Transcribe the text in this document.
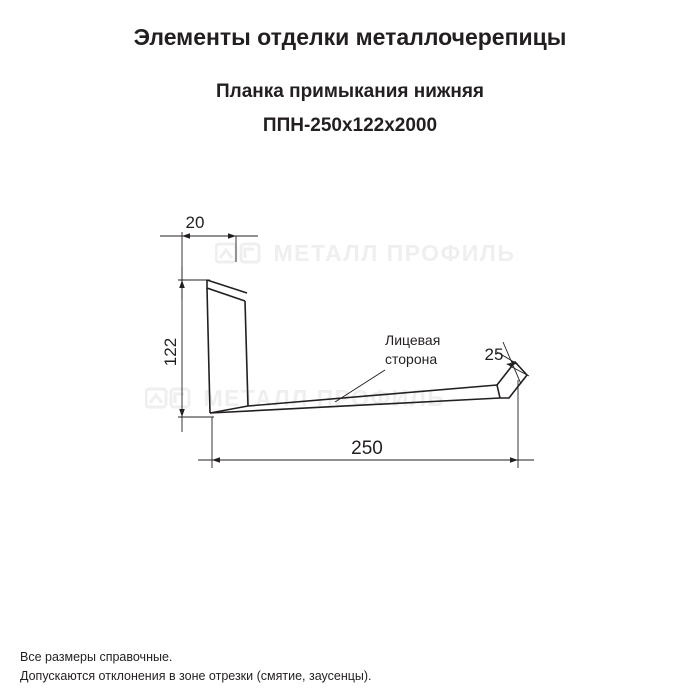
Элементы отделки металлочерепицы
Планка примыкания нижняя
ППН-250x122x2000
МЕТАЛЛ ПРОФИЛЬ
МЕТАЛЛ ПРОФИЛЬ
20
122	25
250
Лицевая
сторона
Все размеры справочные.
Допускаются отклонения в зоне отрезки (смятие, заусенцы).
